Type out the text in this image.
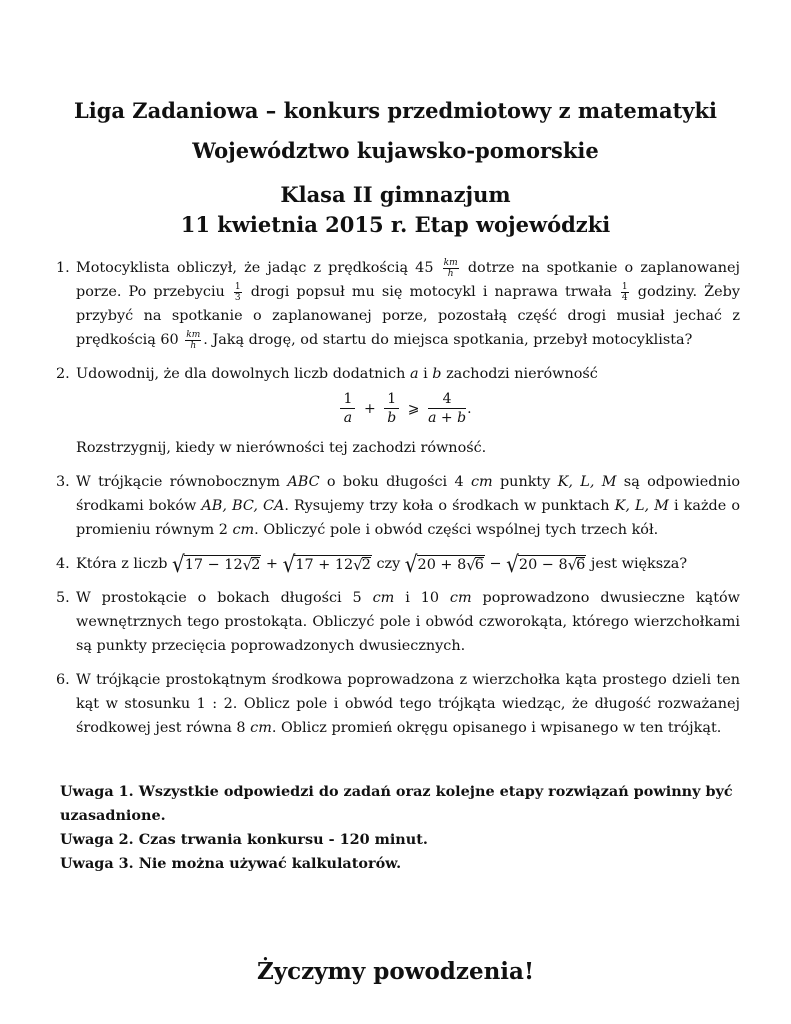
Liga Zadaniowa – konkurs przedmiotowy z matematyki
Województwo kujawsko-pomorskie
Klasa II gimnazjum
11 kwietnia 2015 r. Etap wojewódzki
1. Motocyklista obliczył, że jadąc z prędkością $45 \frac{km}{h}$ dotrze na spotkanie o zaplanowanej porze. Po przebyciu $\frac{1}{3}$ drogi popsuł mu się motocykl i naprawa trwała $\frac{1}{4}$ godziny. Żeby przybyć na spotkanie o zaplanowanej porze, pozostałą część drogi musiał jechać z prędkością $60 \frac{km}{h}$ . Jaką drogę, od startu do miejsca spotkania, przebył motocyklista?
2. Udowodnij, że dla dowolnych liczb dodatnich a i b zachodzi nierówność
$\frac{1}{a} + \frac{1}{b}$ ⩾ $\frac{4}{a + b}$ .
Rozstrzygnij, kiedy w nierówności tej zachodzi równość.
3. W trójkącie równobocznym ABC o boku długości 4 cm punkty K, L, M są odpowiednio środkami boków AB, BC, CA. Rysujemy trzy koła o środkach w punktach K, L, M i każde o promieniu równym 2 cm. Obliczyć pole i obwód części wspólnej tych trzech kół.
4. Która z liczb √17 − 12√2 + √17 + 12√2 czy √20 + 8√6 − √20 − 8√6 jest większa?
5. W prostokącie o bokach długości 5 cm i 10 cm poprowadzono dwusieczne kątów wewnętrznych tego prostokąta. Obliczyć pole i obwód czworokąta, którego wierzchołkami są punkty przecięcia poprowadzonych dwusiecznych.
6. W trójkącie prostokątnym środkowa poprowadzona z wierzchołka kąta prostego dzieli ten kąt w stosunku 1 : 2. Oblicz pole i obwód tego trójkąta wiedząc, że długość rozważanej środkowej jest równa 8 cm. Oblicz promień okręgu opisanego i wpisanego w ten trójkąt.
Uwaga 1. Wszystkie odpowiedzi do zadań oraz kolejne etapy rozwiązań powinny być uzasadnione.
Uwaga 2. Czas trwania konkursu - 120 minut.
Uwaga 3. Nie można używać kalkulatorów.
Życzymy powodzenia!
